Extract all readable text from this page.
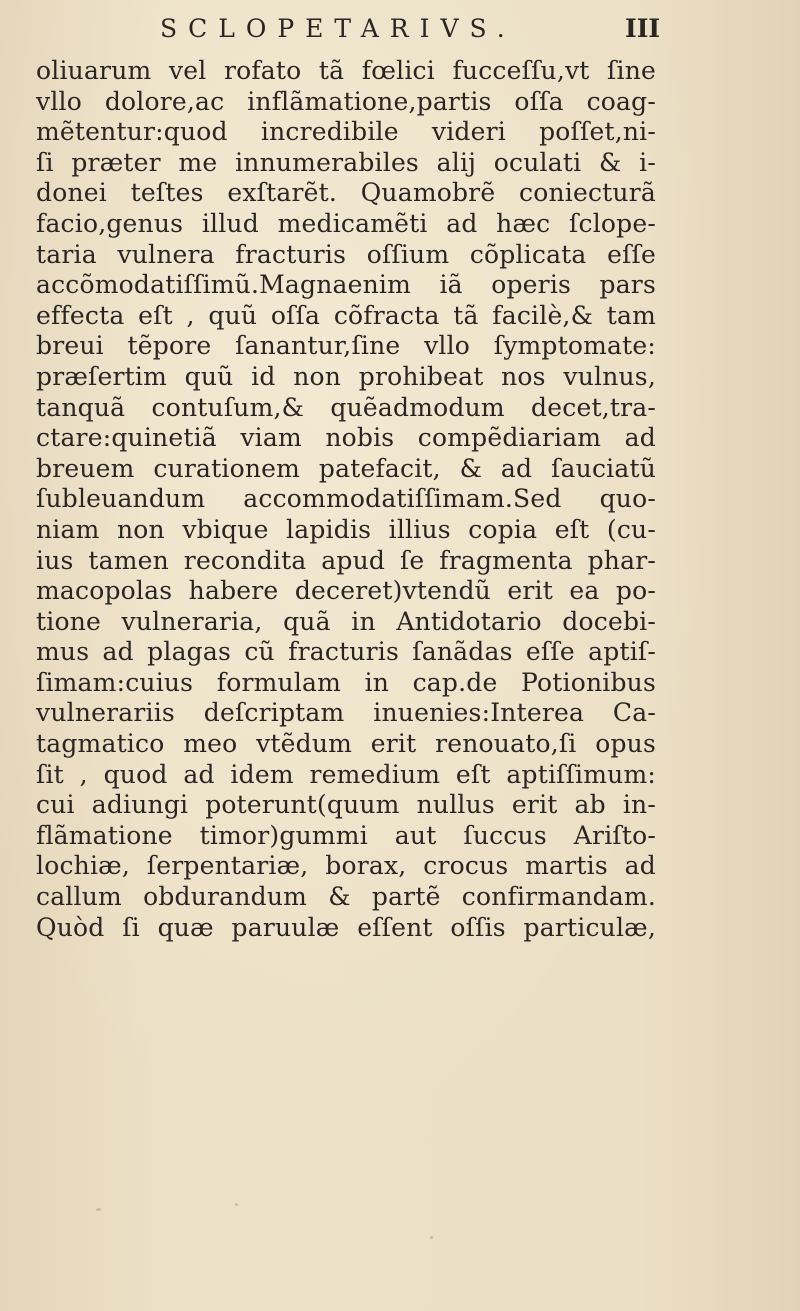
SCLOPETARIVS.	III
oliuarum vel rofato tã fœlici fucceſſu,vt ſine
vllo dolore,ac inflãmatione,partis oſſa coag-
mẽtentur:quod incredibile videri poſſet,ni-
ſi præter me innumerabiles alij oculati & i-
donei teſtes exſtarẽt. Quamobrẽ coniecturã
facio,genus illud medicamẽti ad hæc ſclope-
taria vulnera fracturis oſſium cõplicata eſſe
accõmodatiſſimũ.Magnaenim iã operis pars
effecta eſt , quũ oſſa cõfracta tã facilè,& tam
breui tẽpore ſanantur,ſine vllo ſymptomate:
præſertim quũ id non prohibeat nos vulnus,
tanquã contuſum,& quẽadmodum decet,tra-
ctare:quinetiã viam nobis compẽdiariam ad
breuem curationem patefacit, & ad ſauciatũ
ſubleuandum accommodatiſſimam.Sed quo-
niam non vbique lapidis illius copia eſt (cu-
ius tamen recondita apud ſe fragmenta phar-
macopolas habere deceret)vtendũ erit ea po-
tione vulneraria, quã in Antidotario docebi-
mus ad plagas cũ fracturis ſanãdas eſſe aptiſ-
ſimam:cuius formulam in cap.de Potionibus
vulnerariis deſcriptam inuenies:Interea Ca-
tagmatico meo vtẽdum erit renouato,ſi opus
ſit , quod ad idem remedium eſt aptiſſimum:
cui adiungi poterunt(quum nullus erit ab in-
flãmatione timor)gummi aut ſuccus Ariſto-
lochiæ, ſerpentariæ, borax, crocus martis ad
callum obdurandum & partẽ confirmandam.
Quòd ſi quæ paruulæ eſſent oſſis particulæ,
